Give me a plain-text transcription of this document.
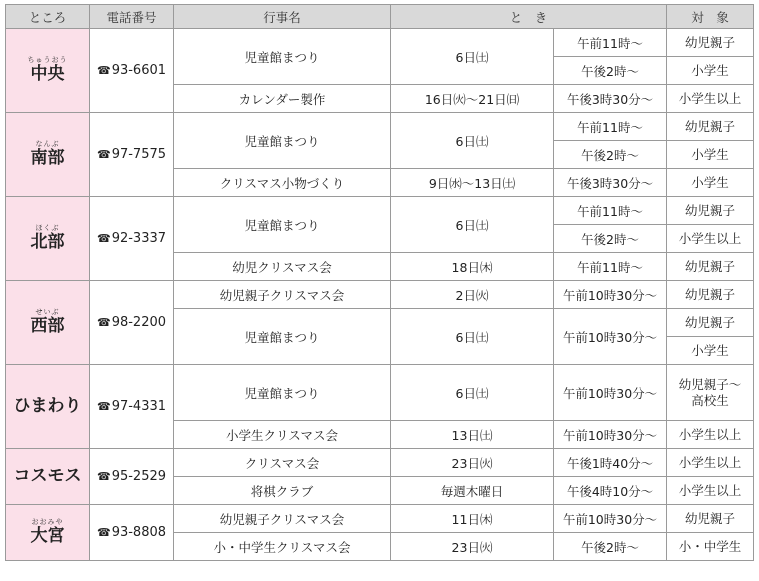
ところ	電話番号	行事名	と　き		対　象

ちゅうおう
中央	☎93-6601	児童館まつり	6日㈯	午前11時～	幼児親子
				午後2時～	小学生
		カレンダー製作	16日㈫～21日㈰	午後3時30分～	小学生以上

なんぶ
南部	☎97-7575	児童館まつり	6日㈯	午前11時～	幼児親子
				午後2時～	小学生
		クリスマス小物づくり	9日㈬～13日㈯	午後3時30分～	小学生

ほくぶ
北部	☎92-3337	児童館まつり	6日㈯	午前11時～	幼児親子
				午後2時～	小学生以上
		幼児クリスマス会	18日㈭	午前11時～	幼児親子

せいぶ
西部	☎98-2200	幼児親子クリスマス会	2日㈫	午前10時30分～	幼児親子
		児童館まつり	6日㈯	午前10時30分～	幼児親子
					小学生

ひまわり	☎97-4331	児童館まつり	6日㈯	午前10時30分～	幼児親子～
高校生
		小学生クリスマス会	13日㈯	午前10時30分～	小学生以上

コスモス	☎95-2529	クリスマス会	23日㈫	午後1時40分～	小学生以上
		将棋クラブ	毎週木曜日	午後4時10分～	小学生以上

おおみや
大宮	☎93-8808	幼児親子クリスマス会	11日㈭	午前10時30分～	幼児親子
		小・中学生クリスマス会	23日㈫	午後2時～	小・中学生
